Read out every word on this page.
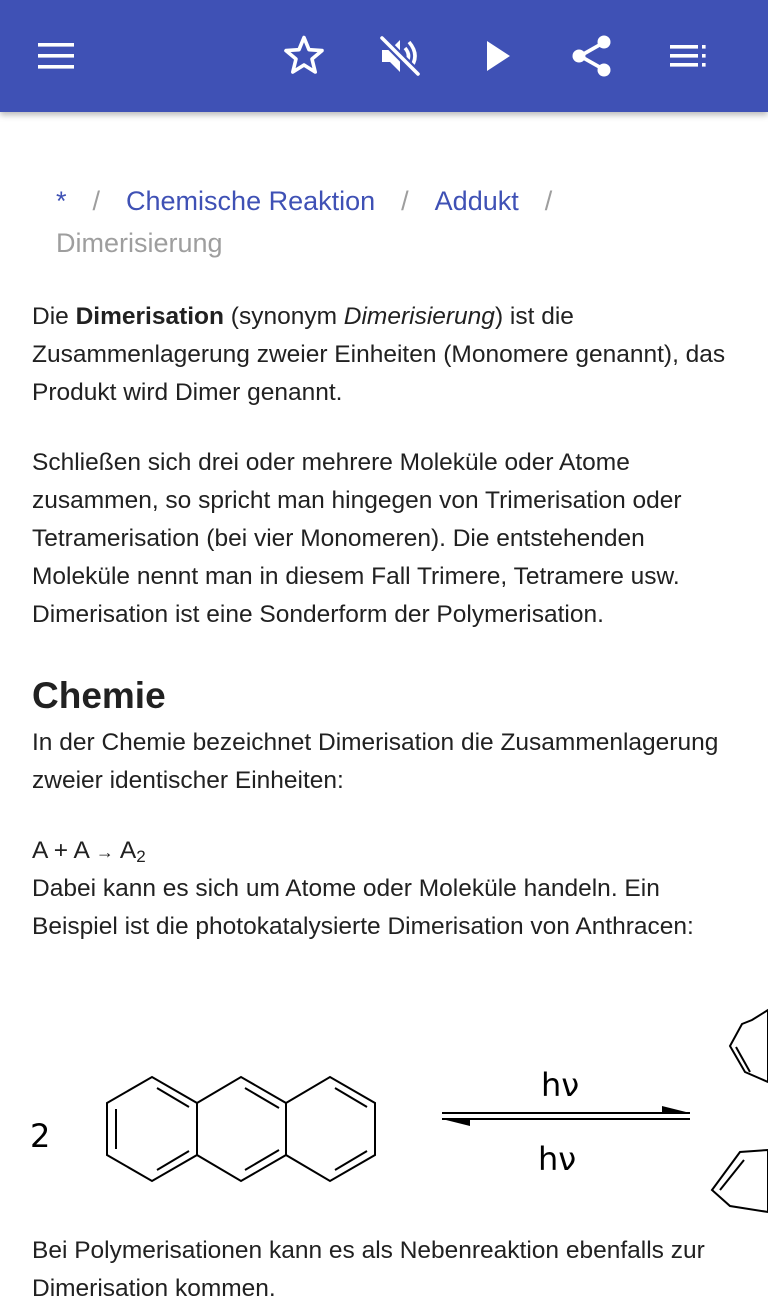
* / Chemische Reaktion / Addukt /
Dimerisierung

Die Dimerisation (synonym Dimerisierung) ist die Zusammenlagerung zweier Einheiten (Monomere genannt), das Produkt wird Dimer genannt.

Schließen sich drei oder mehrere Moleküle oder Atome zusammen, so spricht man hingegen von Trimerisation oder Tetramerisation (bei vier Monomeren). Die entstehenden Moleküle nennt man in diesem Fall Trimere, Tetramere usw. Dimerisation ist eine Sonderform der Polymerisation.

Chemie

In der Chemie bezeichnet Dimerisation die Zusammenlagerung zweier identischer Einheiten:

$A + A \to A_2$

Dabei kann es sich um Atome oder Moleküle handeln. Ein Beispiel ist die photokatalysierte Dimerisation von Anthracen:

2
hν
hν

Bei Polymerisationen kann es als Nebenreaktion ebenfalls zur Dimerisation kommen.
